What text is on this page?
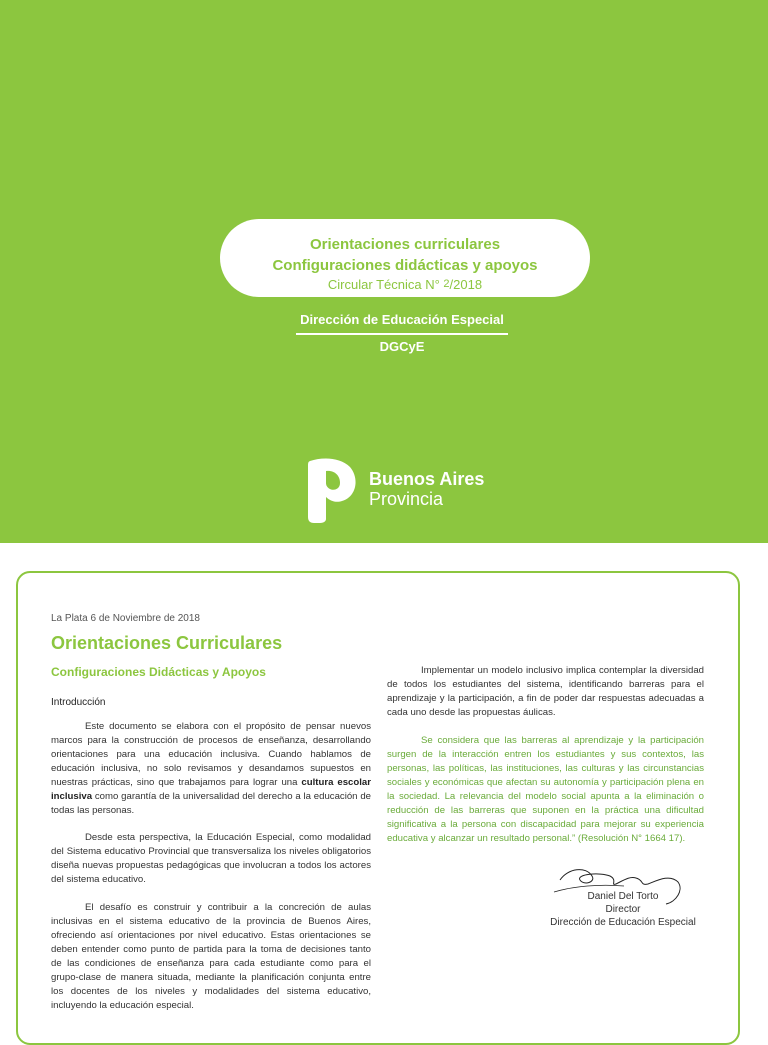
Orientaciones curriculares
Configuraciones didácticas y apoyos
Circular Técnica N° 2/2018
Dirección de Educación Especial
DGCyE
Buenos Aires
Provincia
La Plata 6 de Noviembre de 2018
Orientaciones Curriculares
Configuraciones Didácticas y Apoyos
Introducción

Este documento se elabora con el propósito de pensar nuevos marcos para la construcción de procesos de enseñanza, desarrollando orientaciones para una educación inclusiva. Cuando hablamos de educación inclusiva, no solo revisamos y desandamos supuestos en nuestras prácticas, sino que trabajamos para lograr una cultura escolar inclusiva como garantía de la universalidad del derecho a la educación de todas las personas.

Desde esta perspectiva, la Educación Especial, como modalidad del Sistema educativo Provincial que transversaliza los niveles obligatorios diseña nuevas propuestas pedagógicas que involucran a todos los actores del sistema educativo.

El desafío es construir y contribuir a la concreción de aulas inclusivas en el sistema educativo de la provincia de Buenos Aires, ofreciendo así orientaciones por nivel educativo. Estas orientaciones se deben entender como punto de partida para la toma de decisiones tanto de las condiciones de enseñanza para cada estudiante como para el grupo-clase de manera situada, mediante la planificación conjunta entre los docentes de los niveles y modalidades del sistema educativo, incluyendo la educación especial.

Implementar un modelo inclusivo implica contemplar la diversidad de todos los estudiantes del sistema, identificando barreras para el aprendizaje y la participación, a fin de poder dar respuestas adecuadas a cada uno desde las propuestas áulicas.

Se considera que las barreras al aprendizaje y la participación surgen de la interacción entren los estudiantes y sus contextos, las personas, las políticas, las instituciones, las culturas y las circunstancias sociales y económicas que afectan su autonomía y participación plena en la sociedad. La relevancia del modelo social apunta a la eliminación o reducción de las barreras que suponen en la práctica una dificultad significativa a la persona con discapacidad para mejorar su experiencia educativa y alcanzar un resultado personal.” (Resolución N° 1664 17).

Daniel Del Torto
Director
Dirección de Educación Especial
